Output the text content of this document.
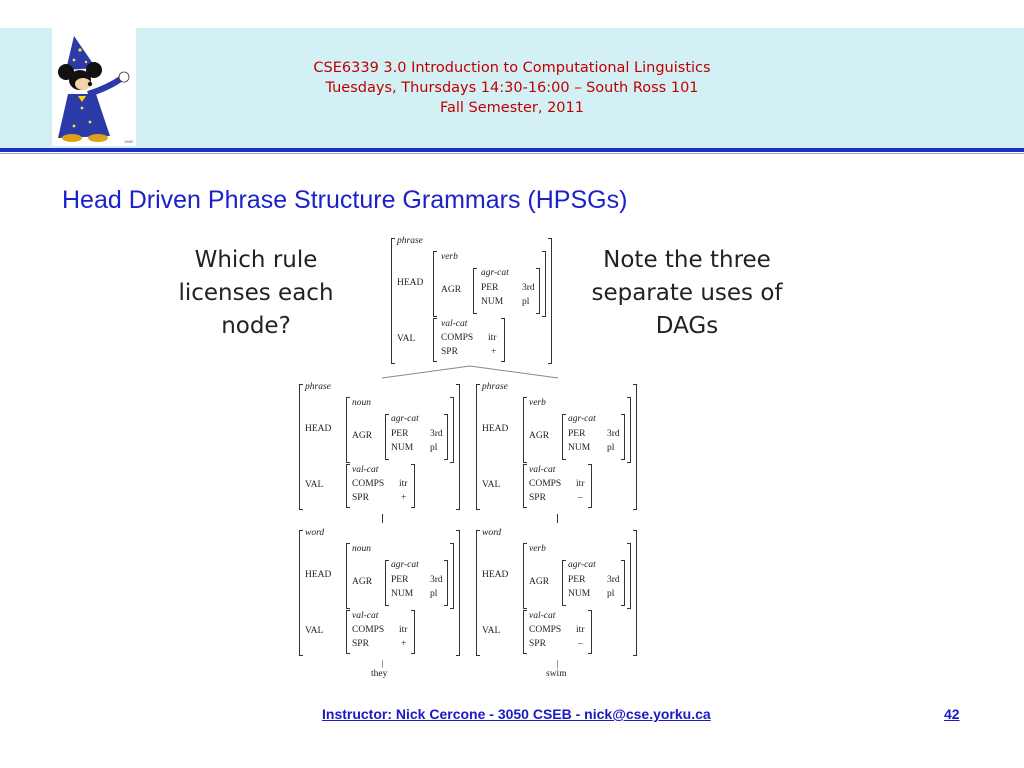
1989
CSE6339 3.0 Introduction to Computational Linguistics
Tuesdays, Thursdays 14:30-16:00 – South Ross 101
Fall Semester, 2011
Head Driven Phrase Structure Grammars (HPSGs)
Which rule licenses each node?
Note the three separate uses of DAGs
phrase
HEAD
verb
AGR
agr-cat
PER 3rd
NUM pl
VAL
val-cat
COMPS itr
SPR	+
phrase
HEAD
noun
AGR
agr-cat
PER 3rd
NUM pl
VAL
val-cat
COMPS itr
SPR	+
phrase
HEAD
verb
AGR
agr-cat
PER 3rd
NUM pl
VAL
val-cat
COMPS itr
SPR	–
word
HEAD
noun
AGR
agr-cat
PER 3rd
NUM pl
VAL
val-cat
COMPS itr
SPR	+
word
HEAD
verb
AGR
agr-cat
PER 3rd
NUM pl
VAL
val-cat
COMPS itr
SPR	–
they	swim
Instructor: Nick Cercone - 3050 CSEB - nick@cse.yorku.ca	42
